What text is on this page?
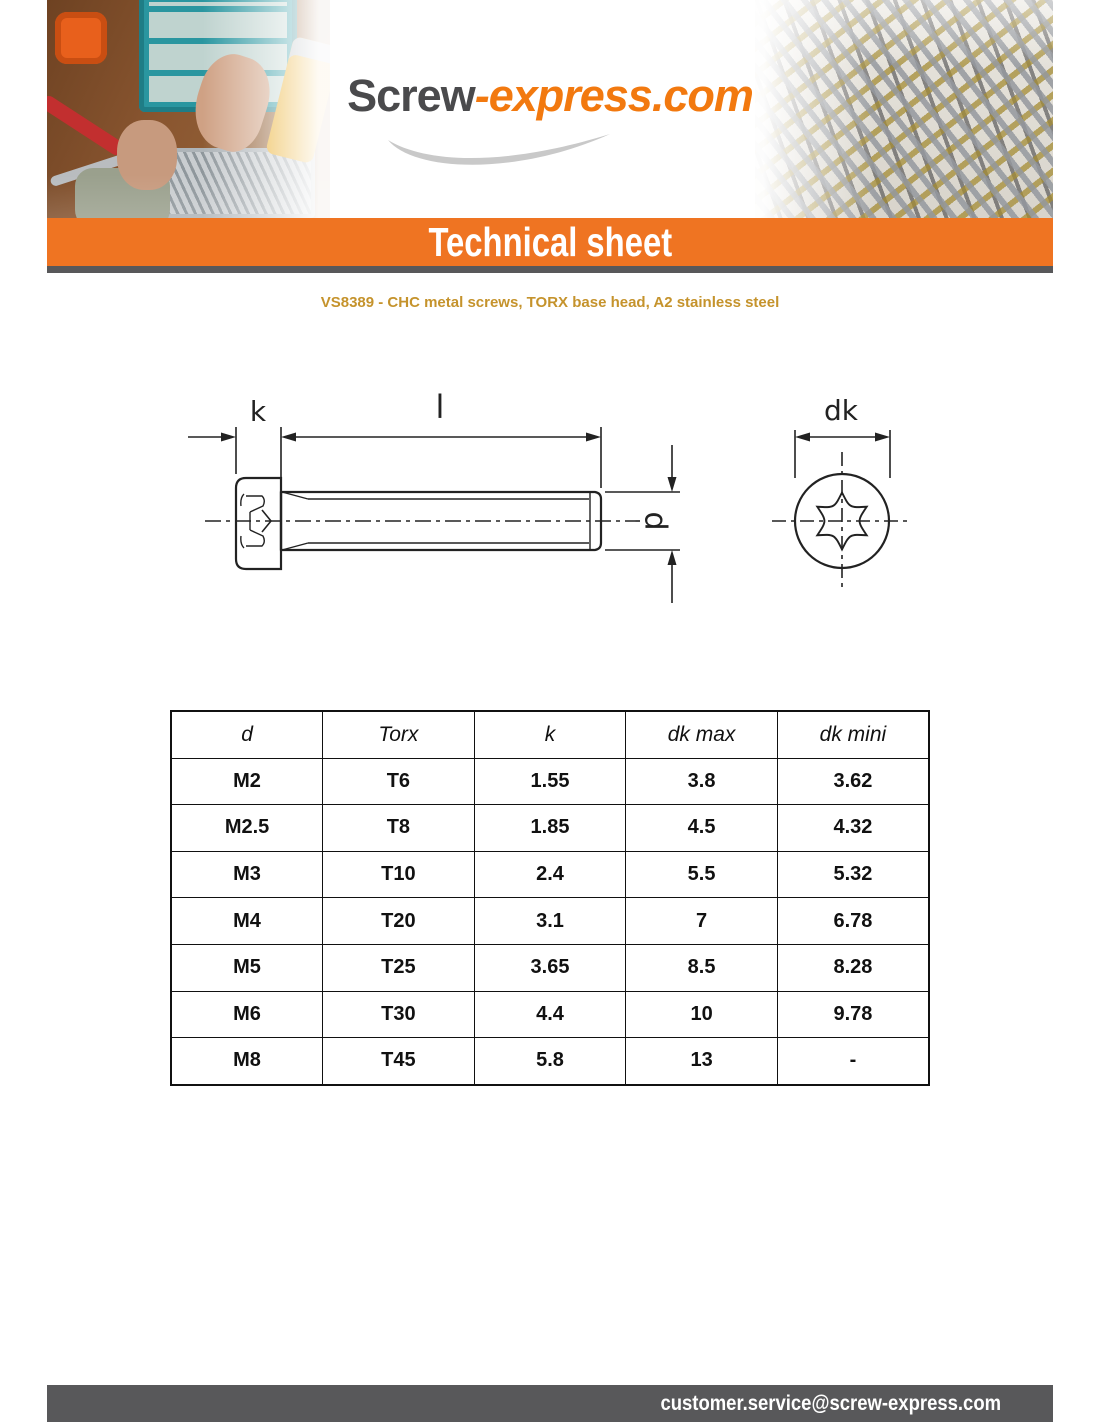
Screw-express.com
Technical sheet
VS8389 - CHC metal screws, TORX base head, A2 stainless steel
k	l
d
dk
d	Torx	k	dk max	dk mini
M2	T6	1.55	3.8	3.62
M2.5	T8	1.85	4.5	4.32
M3	T10	2.4	5.5	5.32
M4	T20	3.1	7	6.78
M5	T25	3.65	8.5	8.28
M6	T30	4.4	10	9.78
M8	T45	5.8	13	-
customer.service@screw-express.com
